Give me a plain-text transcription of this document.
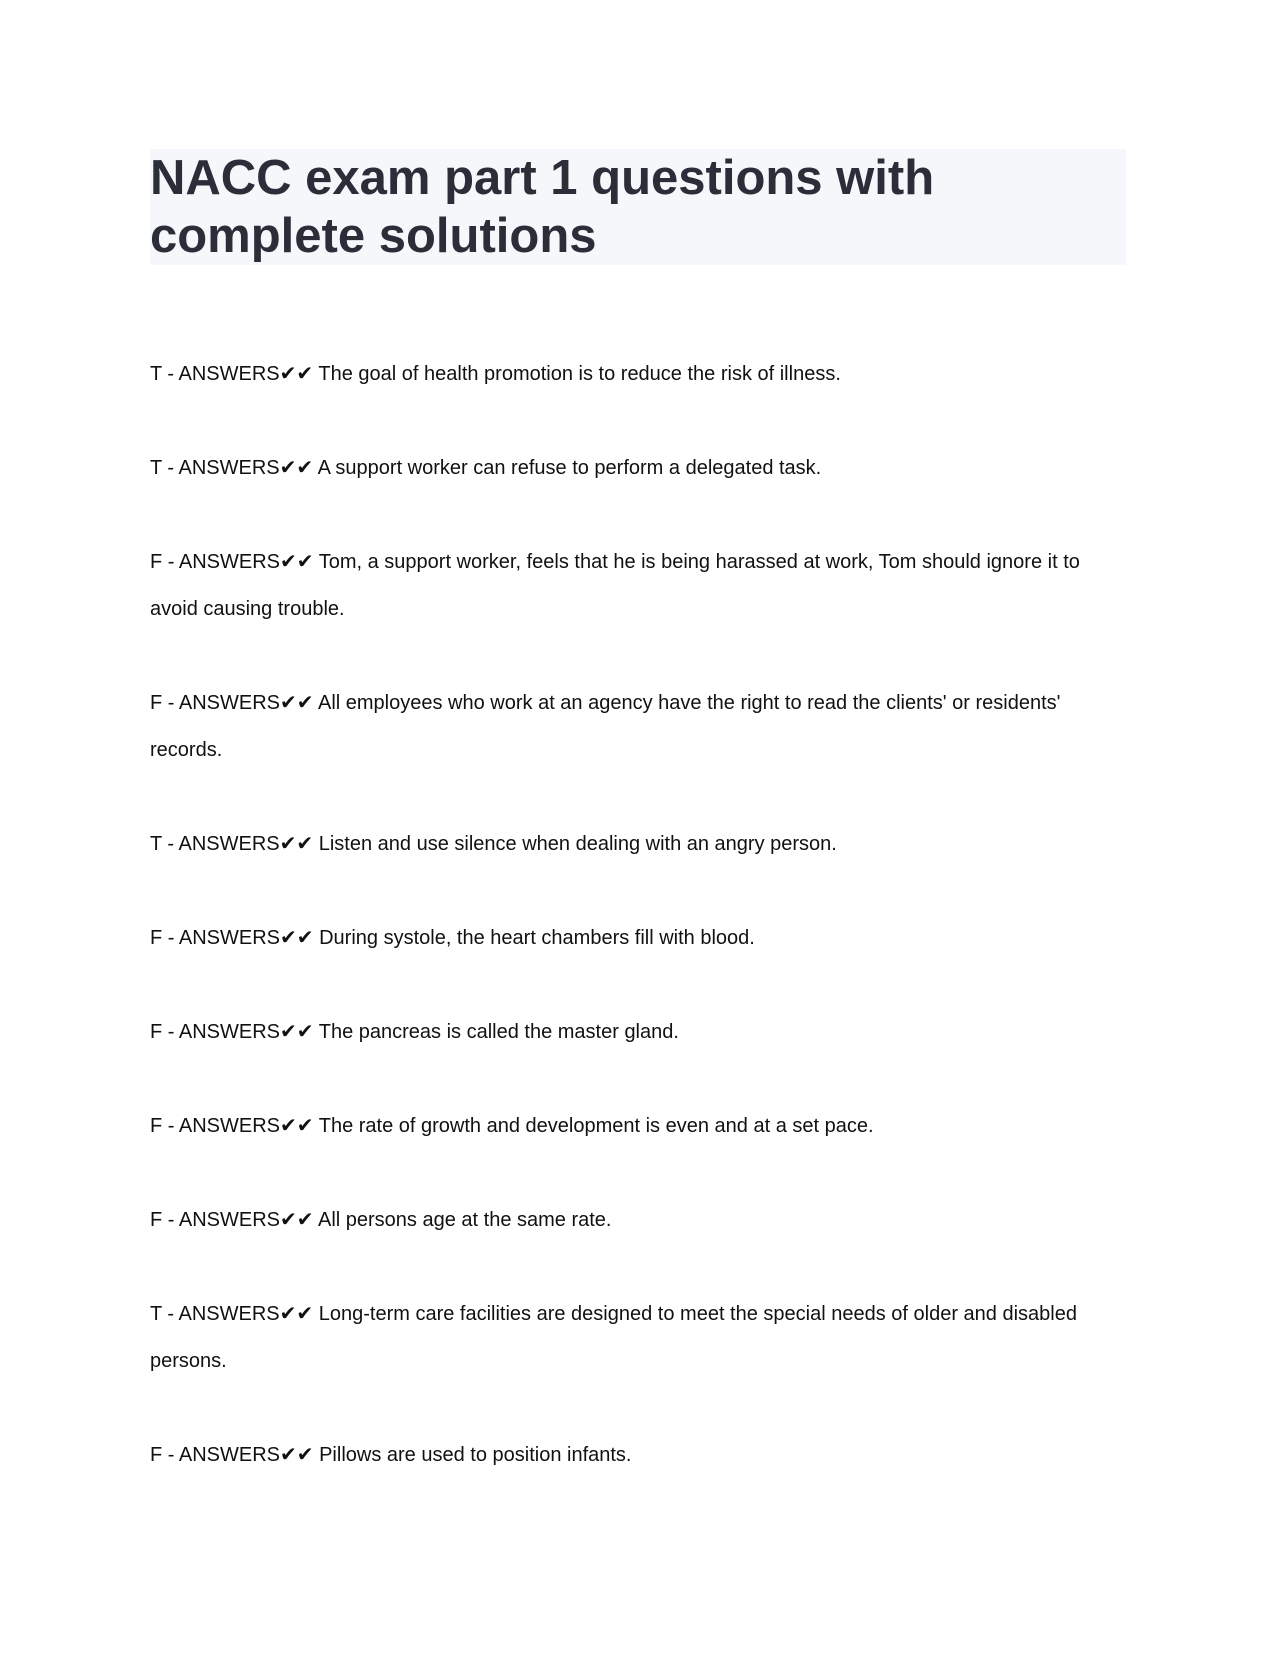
NACC exam part 1 questions with complete solutions

T - ANSWERS✔✔ The goal of health promotion is to reduce the risk of illness.

T - ANSWERS✔✔ A support worker can refuse to perform a delegated task.

F - ANSWERS✔✔ Tom, a support worker, feels that he is being harassed at work, Tom should ignore it to avoid causing trouble.

F - ANSWERS✔✔ All employees who work at an agency have the right to read the clients' or residents' records.

T - ANSWERS✔✔ Listen and use silence when dealing with an angry person.

F - ANSWERS✔✔ During systole, the heart chambers fill with blood.

F - ANSWERS✔✔ The pancreas is called the master gland.

F - ANSWERS✔✔ The rate of growth and development is even and at a set pace.

F - ANSWERS✔✔ All persons age at the same rate.

T - ANSWERS✔✔ Long-term care facilities are designed to meet the special needs of older and disabled persons.

F - ANSWERS✔✔ Pillows are used to position infants.
